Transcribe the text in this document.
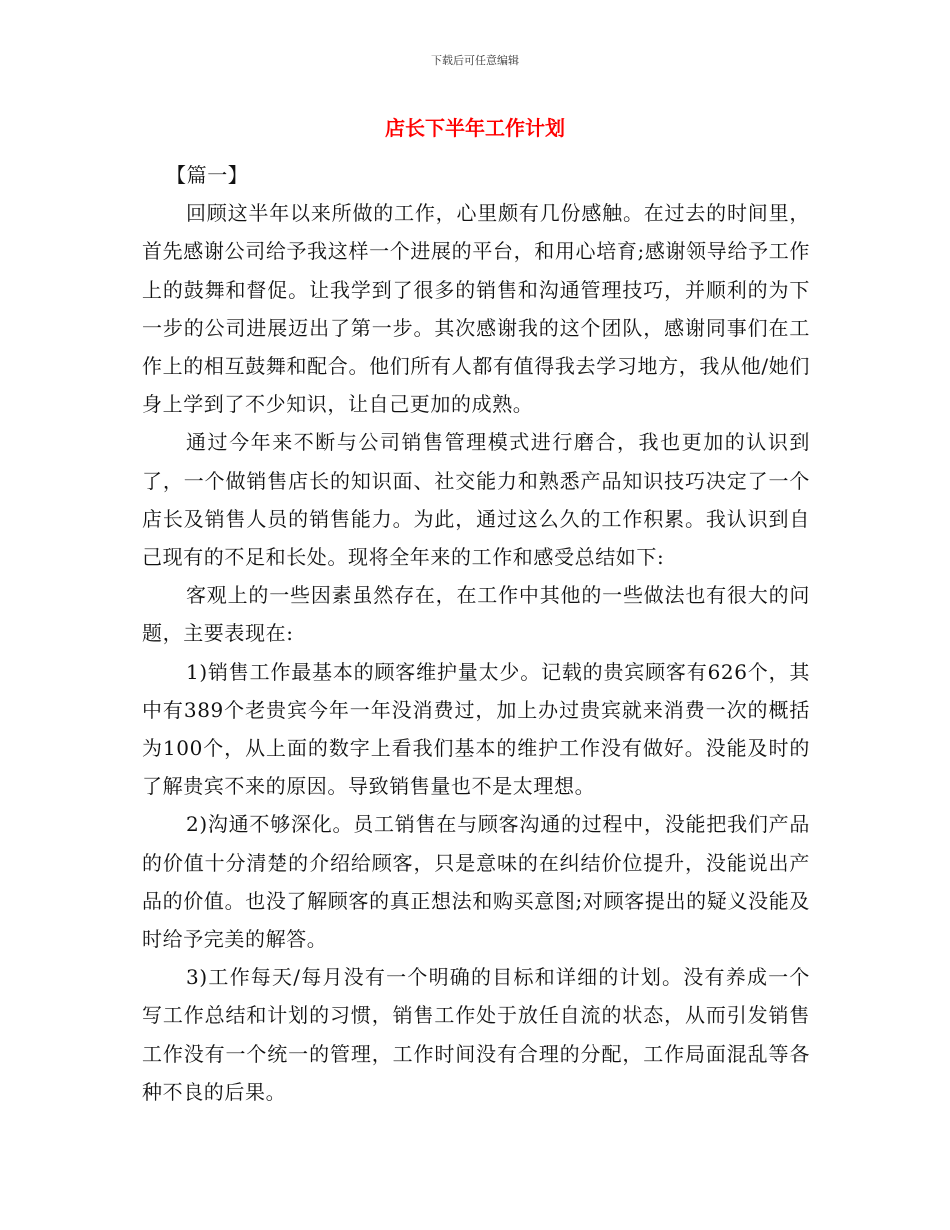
下载后可任意编辑
店长下半年工作计划
【篇一】

回顾这半年以来所做的工作，心里颇有几份感触。在过去的时间里，首先感谢公司给予我这样一个进展的平台，和用心培育;感谢领导给予工作上的鼓舞和督促。让我学到了很多的销售和沟通管理技巧，并顺利的为下一步的公司进展迈出了第一步。其次感谢我的这个团队，感谢同事们在工作上的相互鼓舞和配合。他们所有人都有值得我去学习地方，我从他/她们身上学到了不少知识，让自己更加的成熟。

通过今年来不断与公司销售管理模式进行磨合，我也更加的认识到了，一个做销售店长的知识面、社交能力和熟悉产品知识技巧决定了一个店长及销售人员的销售能力。为此，通过这么久的工作积累。我认识到自己现有的不足和长处。现将全年来的工作和感受总结如下:

客观上的一些因素虽然存在，在工作中其他的一些做法也有很大的问题，主要表现在:

1)销售工作最基本的顾客维护量太少。记载的贵宾顾客有626个，其中有389个老贵宾今年一年没消费过，加上办过贵宾就来消费一次的概括为100个，从上面的数字上看我们基本的维护工作没有做好。没能及时的了解贵宾不来的原因。导致销售量也不是太理想。

2)沟通不够深化。员工销售在与顾客沟通的过程中，没能把我们产品的价值十分清楚的介绍给顾客，只是意味的在纠结价位提升，没能说出产品的价值。也没了解顾客的真正想法和购买意图;对顾客提出的疑义没能及时给予完美的解答。

3)工作每天/每月没有一个明确的目标和详细的计划。没有养成一个写工作总结和计划的习惯，销售工作处于放任自流的状态，从而引发销售工作没有一个统一的管理，工作时间没有合理的分配，工作局面混乱等各种不良的后果。
